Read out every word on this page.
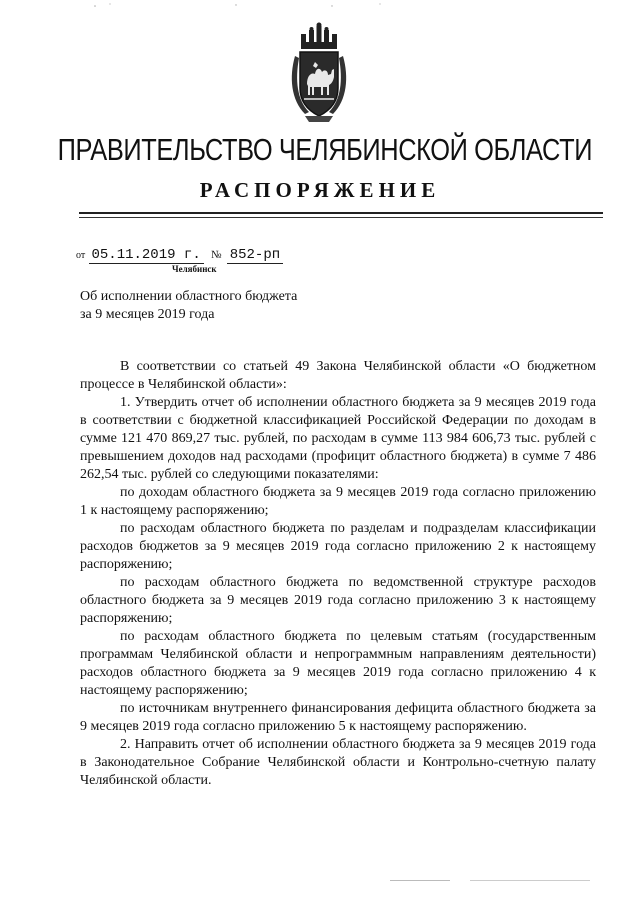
ПРАВИТЕЛЬСТВО ЧЕЛЯБИНСКОЙ ОБЛАСТИ
РАСПОРЯЖЕНИЕ
от 05.11.2019 г. № 852-рп
Челябинск
Об исполнении областного бюджета
за 9 месяцев 2019 года

В соответствии со статьей 49 Закона Челябинской области «О бюджетном процессе в Челябинской области»:

1. Утвердить отчет об исполнении областного бюджета за 9 месяцев 2019 года в соответствии с бюджетной классификацией Российской Федерации по доходам в сумме 121 470 869,27 тыс. рублей, по расходам в сумме 113 984 606,73 тыс. рублей с превышением доходов над расходами (профицит областного бюджета) в сумме 7 486 262,54 тыс. рублей со следующими показателями:

по доходам областного бюджета за 9 месяцев 2019 года согласно приложению 1 к настоящему распоряжению;

по расходам областного бюджета по разделам и подразделам классификации расходов бюджетов за 9 месяцев 2019 года согласно приложению 2 к настоящему распоряжению;

по расходам областного бюджета по ведомственной структуре расходов областного бюджета за 9 месяцев 2019 года согласно приложению 3 к настоящему распоряжению;

по расходам областного бюджета по целевым статьям (государственным программам Челябинской области и непрограммным направлениям деятельности) расходов областного бюджета за 9 месяцев 2019 года согласно приложению 4 к настоящему распоряжению;

по источникам внутреннего финансирования дефицита областного бюджета за 9 месяцев 2019 года согласно приложению 5 к настоящему распоряжению.

2. Направить отчет об исполнении областного бюджета за 9 месяцев 2019 года в Законодательное Собрание Челябинской области и Контрольно-счетную палату Челябинской области.
